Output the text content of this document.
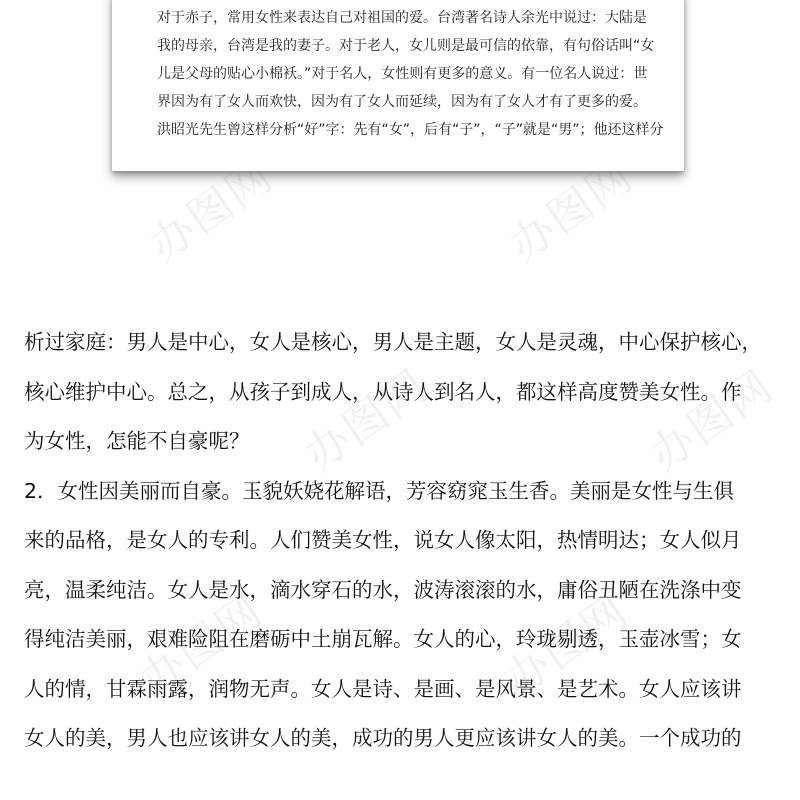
办图网	办图网
办图网	办图网
办图网	办图网
对于赤子，常用女性来表达自己对祖国的爱。台湾著名诗人余光中说过：大陆是
我的母亲，台湾是我的妻子。对于老人，女儿则是最可信的依靠，有句俗话叫“女
儿是父母的贴心小棉袄。”对于名人，女性则有更多的意义。有一位名人说过：世
界因为有了女人而欢快，因为有了女人而延续，因为有了女人才有了更多的爱。
洪昭光先生曾这样分析“好”字：先有“女”，后有“子”，“子”就是“男”；他还这样分
析过家庭：男人是中心，女人是核心，男人是主题，女人是灵魂，中心保护核心，
核心维护中心。总之，从孩子到成人，从诗人到名人，都这样高度赞美女性。作
为女性，怎能不自豪呢？
2．女性因美丽而自豪。玉貌妖娆花解语，芳容窈窕玉生香。美丽是女性与生俱
来的品格，是女人的专利。人们赞美女性，说女人像太阳，热情明达；女人似月
亮，温柔纯洁。女人是水，滴水穿石的水，波涛滚滚的水，庸俗丑陋在洗涤中变
得纯洁美丽，艰难险阻在磨砺中土崩瓦解。女人的心，玲珑剔透，玉壶冰雪；女
人的情，甘霖雨露，润物无声。女人是诗、是画、是风景、是艺术。女人应该讲
女人的美，男人也应该讲女人的美，成功的男人更应该讲女人的美。一个成功的
